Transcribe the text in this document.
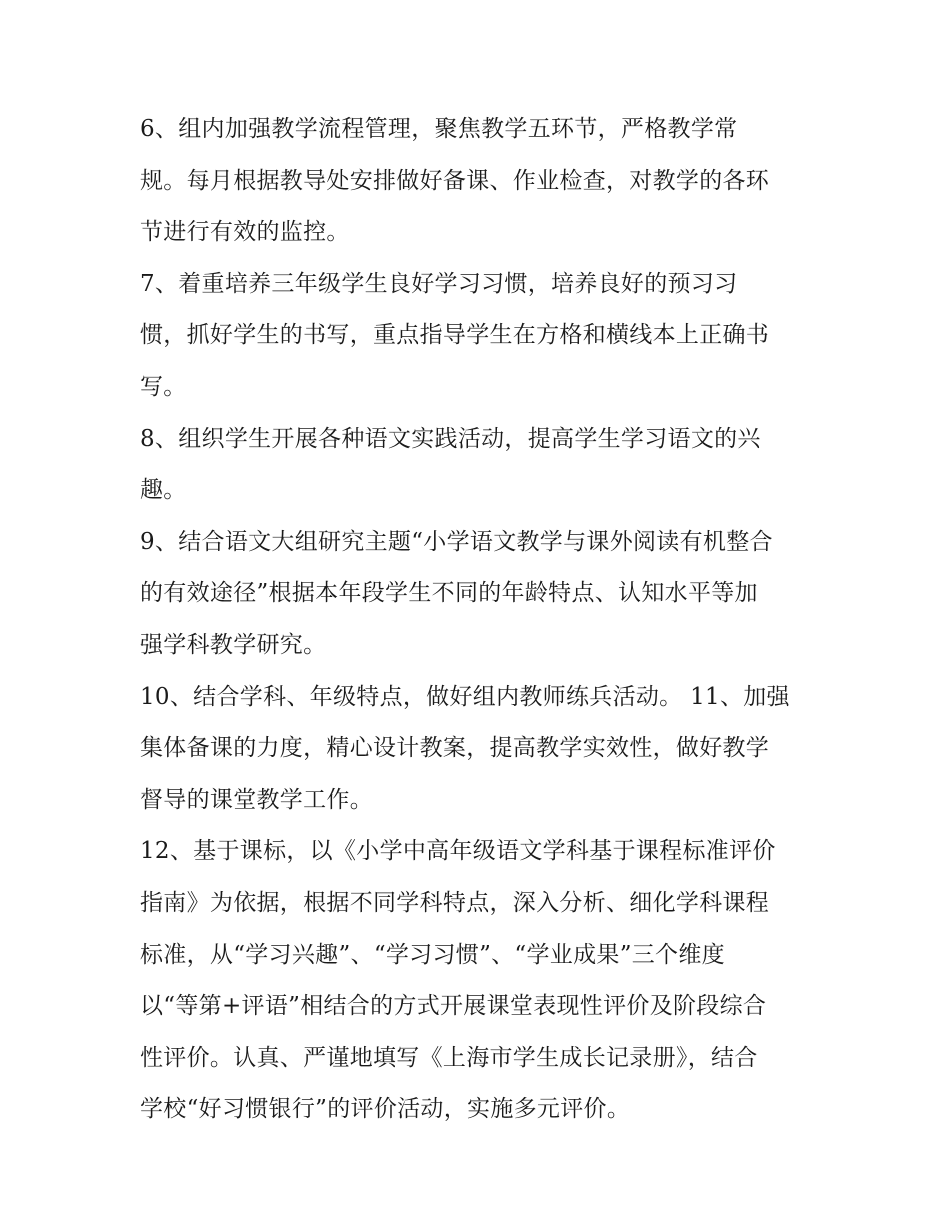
6、组内加强教学流程管理，聚焦教学五环节，严格教学常
规。每月根据教导处安排做好备课、作业检查，对教学的各环
节进行有效的监控。

7、着重培养三年级学生良好学习习惯，培养良好的预习习
惯，抓好学生的书写，重点指导学生在方格和横线本上正确书
写。

8、组织学生开展各种语文实践活动，提高学生学习语文的兴
趣。

9、结合语文大组研究主题“小学语文教学与课外阅读有机整合
的有效途径”根据本年段学生不同的年龄特点、认知水平等加
强学科教学研究。

10、结合学科、年级特点，做好组内教师练兵活动。 11、加强
集体备课的力度，精心设计教案，提高教学实效性，做好教学
督导的课堂教学工作。

12、基于课标，以《小学中高年级语文学科基于课程标准评价
指南》为依据，根据不同学科特点，深入分析、细化学科课程
标准，从“学习兴趣”、“学习习惯”、“学业成果”三个维度
以“等第+评语”相结合的方式开展课堂表现性评价及阶段综合
性评价。认真、严谨地填写《上海市学生成长记录册》，结合
学校“好习惯银行”的评价活动，实施多元评价。
